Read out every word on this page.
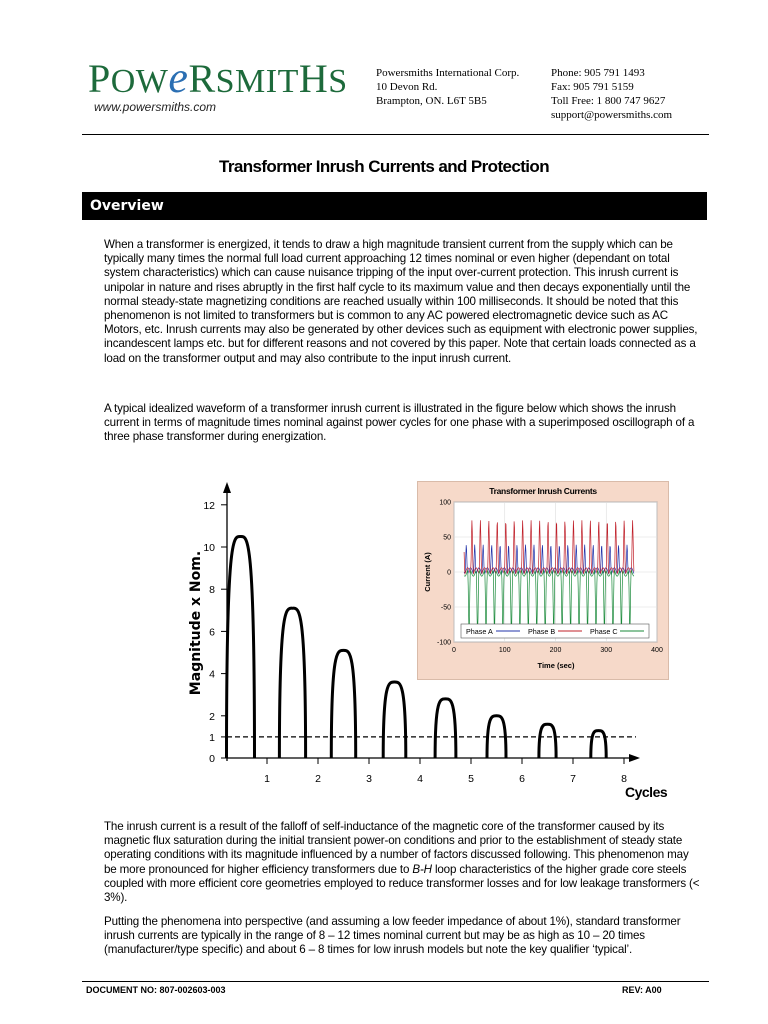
POWeRSMITHS
www.powersmiths.com
Powersmiths International Corp.
10 Devon Rd.
Brampton, ON. L6T 5B5
Phone: 905 791 1493
Fax: 905 791 5159
Toll Free: 1 800 747 9627
support@powersmiths.com
Transformer Inrush Currents and Protection
Overview

When a transformer is energized, it tends to draw a high magnitude transient current from the supply which can be typically many times the normal full load current approaching 12 times nominal or even higher (dependant on total system characteristics) which can cause nuisance tripping of the input over-current protection. This inrush current is unipolar in nature and rises abruptly in the first half cycle to its maximum value and then decays exponentially until the normal steady-state magnetizing conditions are reached usually within 100 milliseconds. It should be noted that this phenomenon is not limited to transformers but is common to any AC powered electromagnetic device such as AC Motors, etc. Inrush currents may also be generated by other devices such as equipment with electronic power supplies, incandescent lamps etc. but for different reasons and not covered by this paper. Note that certain loads connected as a load on the transformer output and may also contribute to the input inrush current.

A typical idealized waveform of a transformer inrush current is illustrated in the figure below which shows the inrush current in terms of magnitude times nominal against power cycles for one phase with a superimposed oscillograph of a three phase transformer during energization.

0
1
2
4
6
8
10
12
1	2	3	4	5	6	7	8
Magnitude x Nom.
Cycles
Transformer Inrush Currents
100
50
0
-50
-100
0	100	200	300	400
Current (A)
Time (sec)
Phase A	Phase B	Phase C

The inrush current is a result of the falloff of self-inductance of the magnetic core of the transformer caused by its magnetic flux saturation during the initial transient power-on conditions and prior to the establishment of steady state operating conditions with its magnitude influenced by a number of factors discussed following. This phenomenon may be more pronounced for higher efficiency transformers due to B-H loop characteristics of the higher grade core steels coupled with more efficient core geometries employed to reduce transformer losses and for low leakage transformers (< 3%).

Putting the phenomena into perspective (and assuming a low feeder impedance of about 1%), standard transformer inrush currents are typically in the range of 8 – 12 times nominal current but may be as high as 10 – 20 times (manufacturer/type specific) and about 6 – 8 times for low inrush models but note the key qualifier ‘typical’.

DOCUMENT NO: 807-002603-003	REV: A00
